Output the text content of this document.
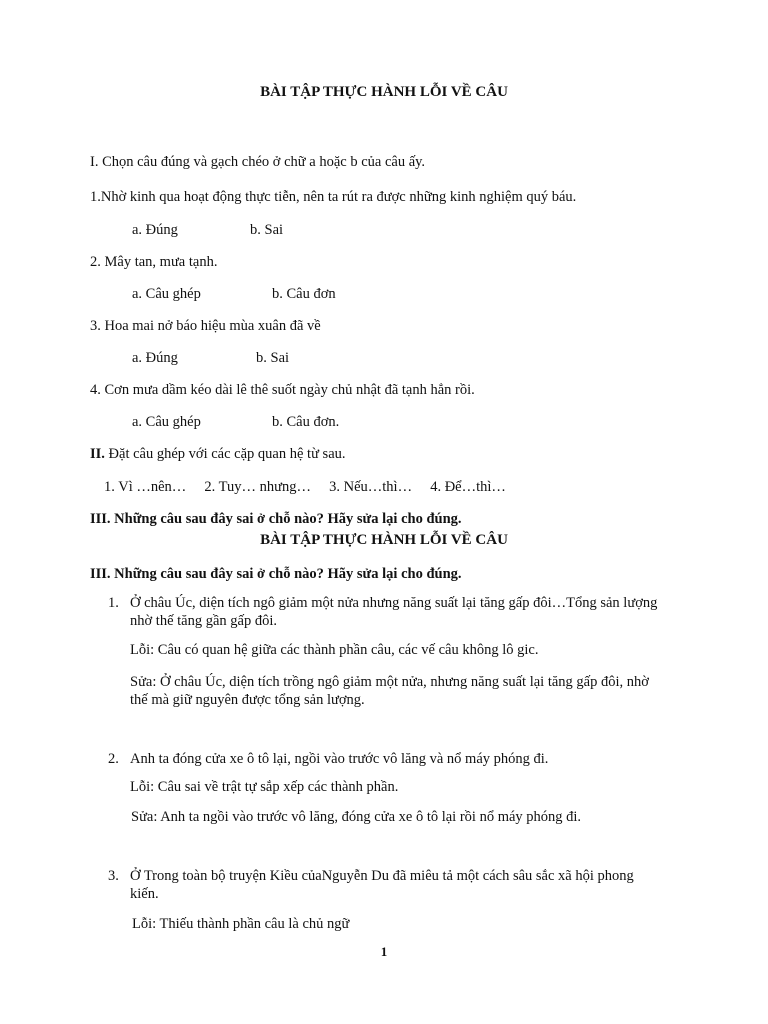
BÀI TẬP THỰC HÀNH LỖI VỀ CÂU
I. Chọn câu đúng và gạch chéo ở chữ a hoặc b của câu ấy.
1.Nhờ kinh qua hoạt động thực tiễn, nên ta rút ra được những kinh nghiệm quý báu.
a. Đúng	b. Sai
2. Mây tan, mưa tạnh.
a. Câu ghép	b. Câu đơn
3. Hoa mai nở báo hiệu mùa xuân đã về
a. Đúng	b. Sai
4. Cơn mưa dầm kéo dài lê thê suốt ngày chủ nhật đã tạnh hẳn rồi.
a. Câu ghép	b. Câu đơn.
II. Đặt câu ghép với các cặp quan hệ từ sau.
1. Vì …nên…     2. Tuy… nhưng…     3. Nếu…thì…     4. Để…thì…
III. Những câu sau đây sai ở chỗ nào? Hãy sửa lại cho đúng.
BÀI TẬP THỰC HÀNH LỖI VỀ CÂU
III. Những câu sau đây sai ở chỗ nào? Hãy sửa lại cho đúng.
1. Ở châu Úc, diện tích ngô giảm một nửa nhưng năng suất lại tăng gấp đôi…Tổng sản lượng
nhờ thế tăng gần gấp đôi.
Lỗi: Câu có quan hệ giữa các thành phần câu, các vế câu không lô gic.
Sửa: Ở châu Úc, diện tích trồng ngô giảm một nửa, nhưng năng suất lại tăng gấp đôi, nhờ
thế mà giữ nguyên được tổng sản lượng.
2. Anh ta đóng cửa xe ô tô lại, ngồi vào trước vô lăng và nổ máy phóng đi.
Lỗi: Câu sai về trật tự sắp xếp các thành phần.
Sửa: Anh ta ngồi vào trước vô lăng, đóng cửa xe ô tô lại rồi nổ máy phóng đi.
3. Ở Trong toàn bộ truyện Kiều củaNguyễn Du đã miêu tả một cách sâu sắc xã hội phong
kiến.
Lỗi: Thiếu thành phần câu là chủ ngữ
1
